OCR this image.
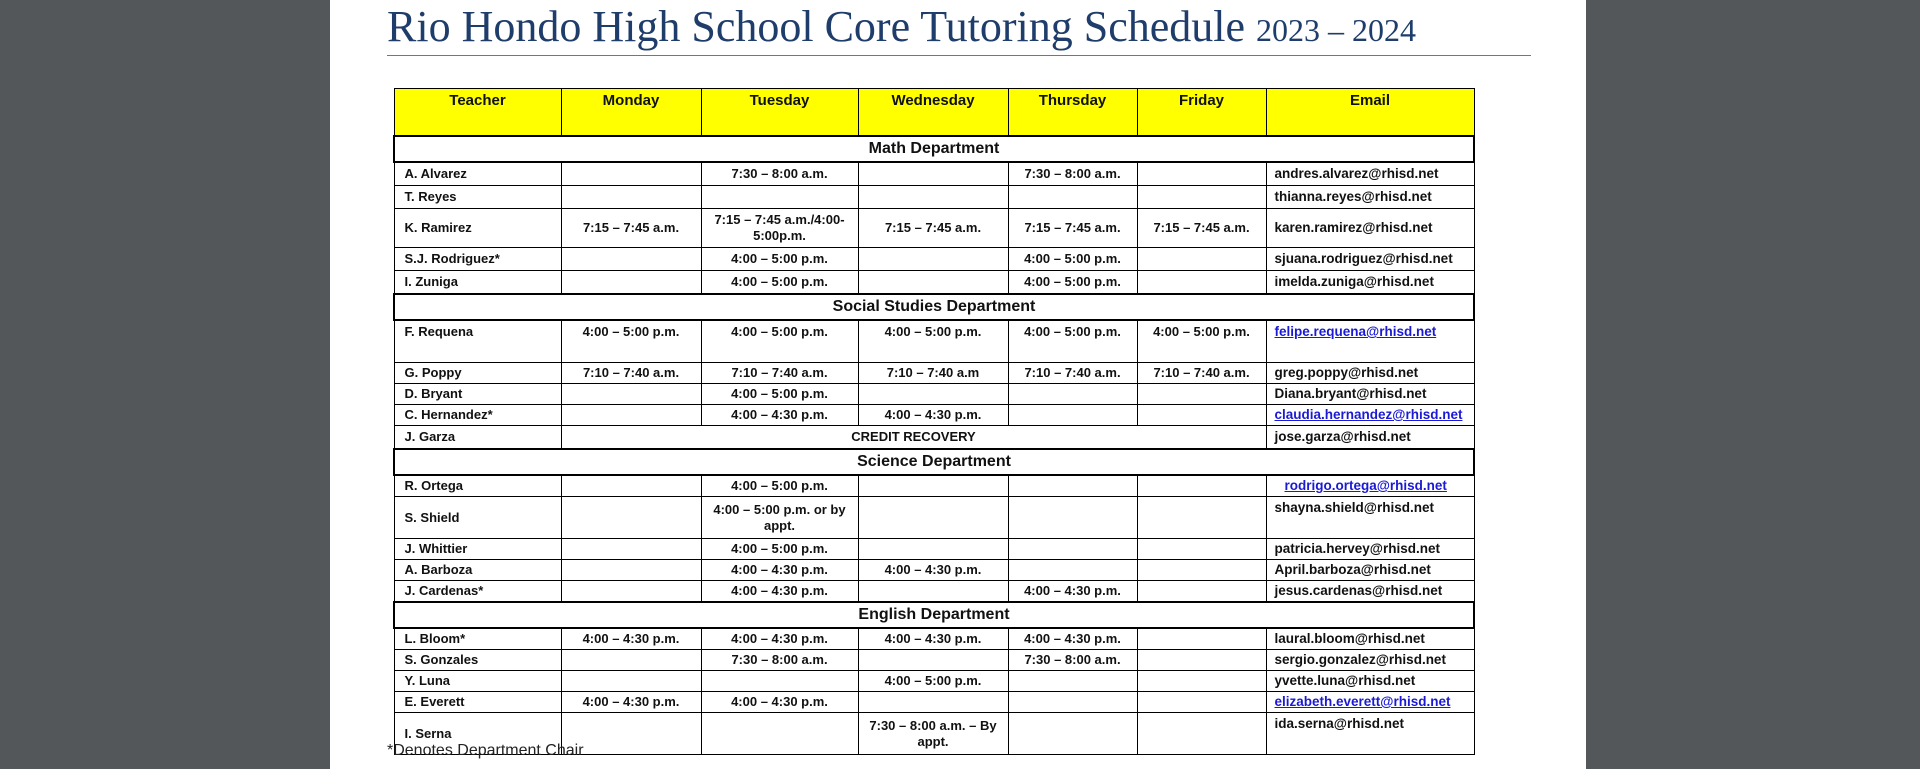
Rio Hondo High School Core Tutoring Schedule 2023 – 2024
Teacher	Monday	Tuesday	Wednesday	Thursday	Friday	Email
Math Department						
A. Alvarez		7:30 – 8:00 a.m.		7:30 – 8:00 a.m.		andres.alvarez@rhisd.net
T. Reyes						thianna.reyes@rhisd.net
K. Ramirez	7:15 – 7:45 a.m.	7:15 – 7:45 a.m./4:00-5:00p.m.	7:15 – 7:45 a.m.	7:15 – 7:45 a.m.	7:15 – 7:45 a.m.	karen.ramirez@rhisd.net
S.J. Rodriguez*		4:00 – 5:00 p.m.		4:00 – 5:00 p.m.		sjuana.rodriguez@rhisd.net
I. Zuniga		4:00 – 5:00 p.m.		4:00 – 5:00 p.m.		imelda.zuniga@rhisd.net
Social Studies Department						
F. Requena	4:00 – 5:00 p.m.	4:00 – 5:00 p.m.	4:00 – 5:00 p.m.	4:00 – 5:00 p.m.	4:00 – 5:00 p.m.	felipe.requena@rhisd.net
G. Poppy	7:10 – 7:40 a.m.	7:10 – 7:40 a.m.	7:10 – 7:40 a.m	7:10 – 7:40 a.m.	7:10 – 7:40 a.m.	greg.poppy@rhisd.net
D. Bryant		4:00 – 5:00 p.m.				Diana.bryant@rhisd.net
C. Hernandez*		4:00 – 4:30 p.m.	4:00 – 4:30 p.m.			claudia.hernandez@rhisd.net
J. Garza	CREDIT RECOVERY					jose.garza@rhisd.net
Science Department						
R. Ortega		4:00 – 5:00 p.m.				rodrigo.ortega@rhisd.net
S. Shield		4:00 – 5:00 p.m. or by appt.				shayna.shield@rhisd.net
J. Whittier		4:00 – 5:00 p.m.				patricia.hervey@rhisd.net
A. Barboza		4:00 – 4:30 p.m.	4:00 – 4:30 p.m.			April.barboza@rhisd.net
J. Cardenas*		4:00 – 4:30 p.m.		4:00 – 4:30 p.m.		jesus.cardenas@rhisd.net
English Department						
L. Bloom*	4:00 – 4:30 p.m.	4:00 – 4:30 p.m.	4:00 – 4:30 p.m.	4:00 – 4:30 p.m.		laural.bloom@rhisd.net
S. Gonzales		7:30 – 8:00 a.m.		7:30 – 8:00 a.m.		sergio.gonzalez@rhisd.net
Y. Luna			4:00 – 5:00 p.m.			yvette.luna@rhisd.net
E. Everett	4:00 – 4:30 p.m.	4:00 – 4:30 p.m.				elizabeth.everett@rhisd.net
I. Serna			7:30 – 8:00 a.m. – By appt.			ida.serna@rhisd.net
*Denotes Department Chair
